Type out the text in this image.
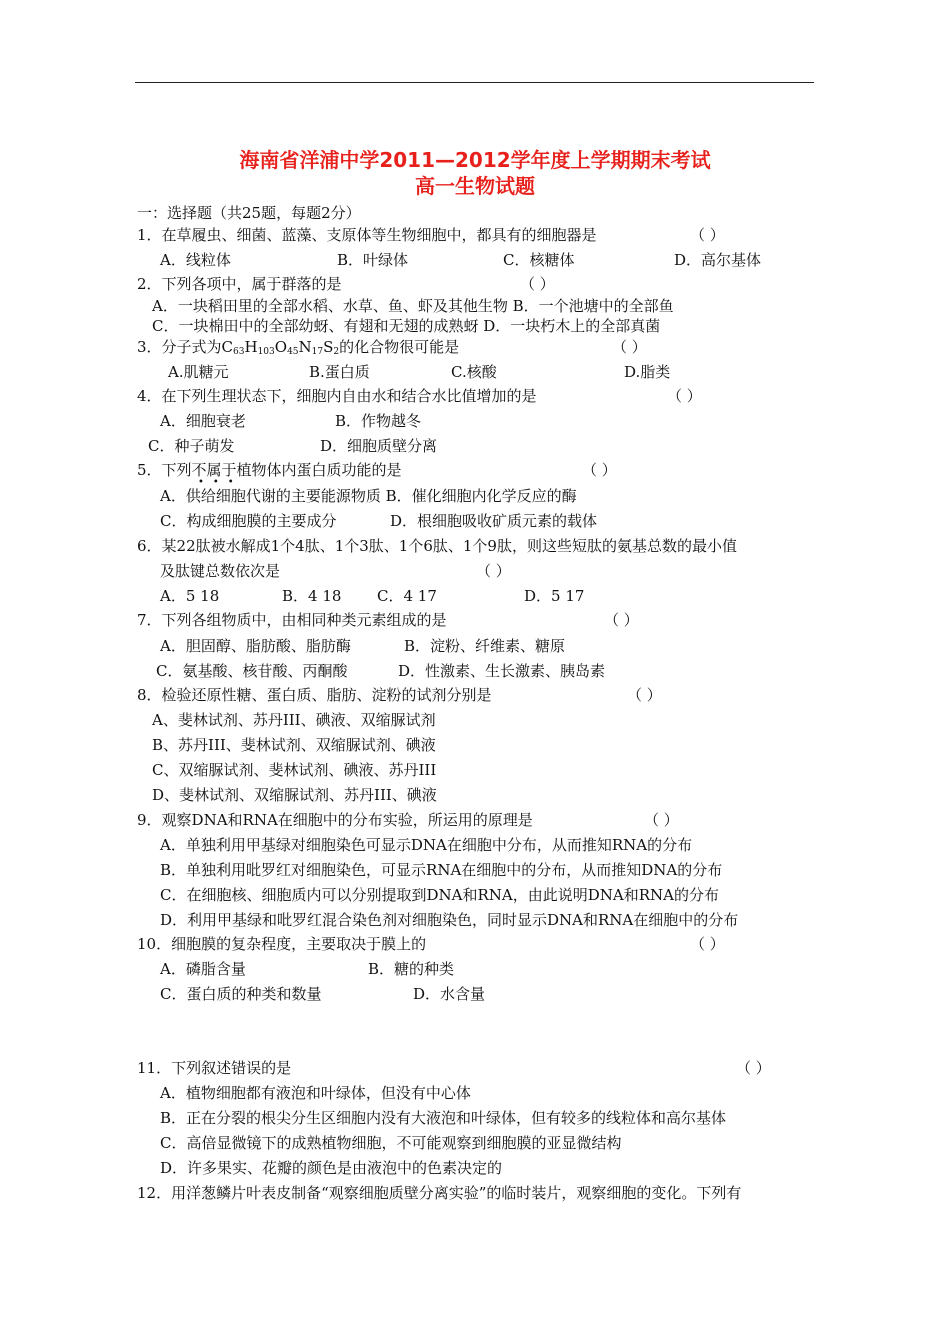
海南省洋浦中学2011—2012学年度上学期期末考试
高一生物试题
一：选择题（共25题，每题2分）
1．在草履虫、细菌、蓝藻、支原体等生物细胞中，都具有的细胞器是	（ ）
A．线粒体	B．叶绿体	C．核糖体	D．高尔基体
2．下列各项中，属于群落的是	（ ）
A．一块稻田里的全部水稻、水草、鱼、虾及其他生物 B．一个池塘中的全部鱼
C．一块棉田中的全部幼蚜、有翅和无翅的成熟蚜 D．一块朽木上的全部真菌
3．分子式为$C_{63}H_{103}O_{45}N_{17}S_2$的化合物很可能是	（ ）
A.肌糖元	B.蛋白质	C.核酸	D.脂类
4．在下列生理状态下，细胞内自由水和结合水比值增加的是	（ ）
A．细胞衰老	B．作物越冬
C．种子萌发	D．细胞质壁分离
5．下列不属于植物体内蛋白质功能的是
•••
（ ）
A．供给细胞代谢的主要能源物质 B．催化细胞内化学反应的酶
C．构成细胞膜的主要成分	D．根细胞吸收矿质元素的载体
6．某22肽被水解成1个4肽、1个3肽、1个6肽、1个9肽，则这些短肽的氨基总数的最小值
及肽键总数依次是	（ ）
A．5 18	B．4 18 C．4 17	D．5 17
7．下列各组物质中，由相同种类元素组成的是	（ ）
A．胆固醇、脂肪酸、脂肪酶	B．淀粉、纤维素、糖原
C．氨基酸、核苷酸、丙酮酸	D．性激素、生长激素、胰岛素
8．检验还原性糖、蛋白质、脂肪、淀粉的试剂分别是	（ ）
A、斐林试剂、苏丹III、碘液、双缩脲试剂
B、苏丹III、斐林试剂、双缩脲试剂、碘液
C、双缩脲试剂、斐林试剂、碘液、苏丹III
D、斐林试剂、双缩脲试剂、苏丹III、碘液
9．观察DNA和RNA在细胞中的分布实验，所运用的原理是	（ ）
A．单独利用甲基绿对细胞染色可显示DNA在细胞中分布，从而推知RNA的分布
B．单独利用吡罗红对细胞染色，可显示RNA在细胞中的分布，从而推知DNA的分布
C．在细胞核、细胞质内可以分别提取到DNA和RNA，由此说明DNA和RNA的分布
D．利用甲基绿和吡罗红混合染色剂对细胞染色，同时显示DNA和RNA在细胞中的分布
10．细胞膜的复杂程度，主要取决于膜上的	（ ）
A．磷脂含量	B．糖的种类
C．蛋白质的种类和数量	D．水含量
11．下列叙述错误的是	（ ）
A．植物细胞都有液泡和叶绿体，但没有中心体
B．正在分裂的根尖分生区细胞内没有大液泡和叶绿体，但有较多的线粒体和高尔基体
C．高倍显微镜下的成熟植物细胞，不可能观察到细胞膜的亚显微结构
D．许多果实、花瓣的颜色是由液泡中的色素决定的
12．用洋葱鳞片叶表皮制备“观察细胞质壁分离实验”的临时装片，观察细胞的变化。下列有
